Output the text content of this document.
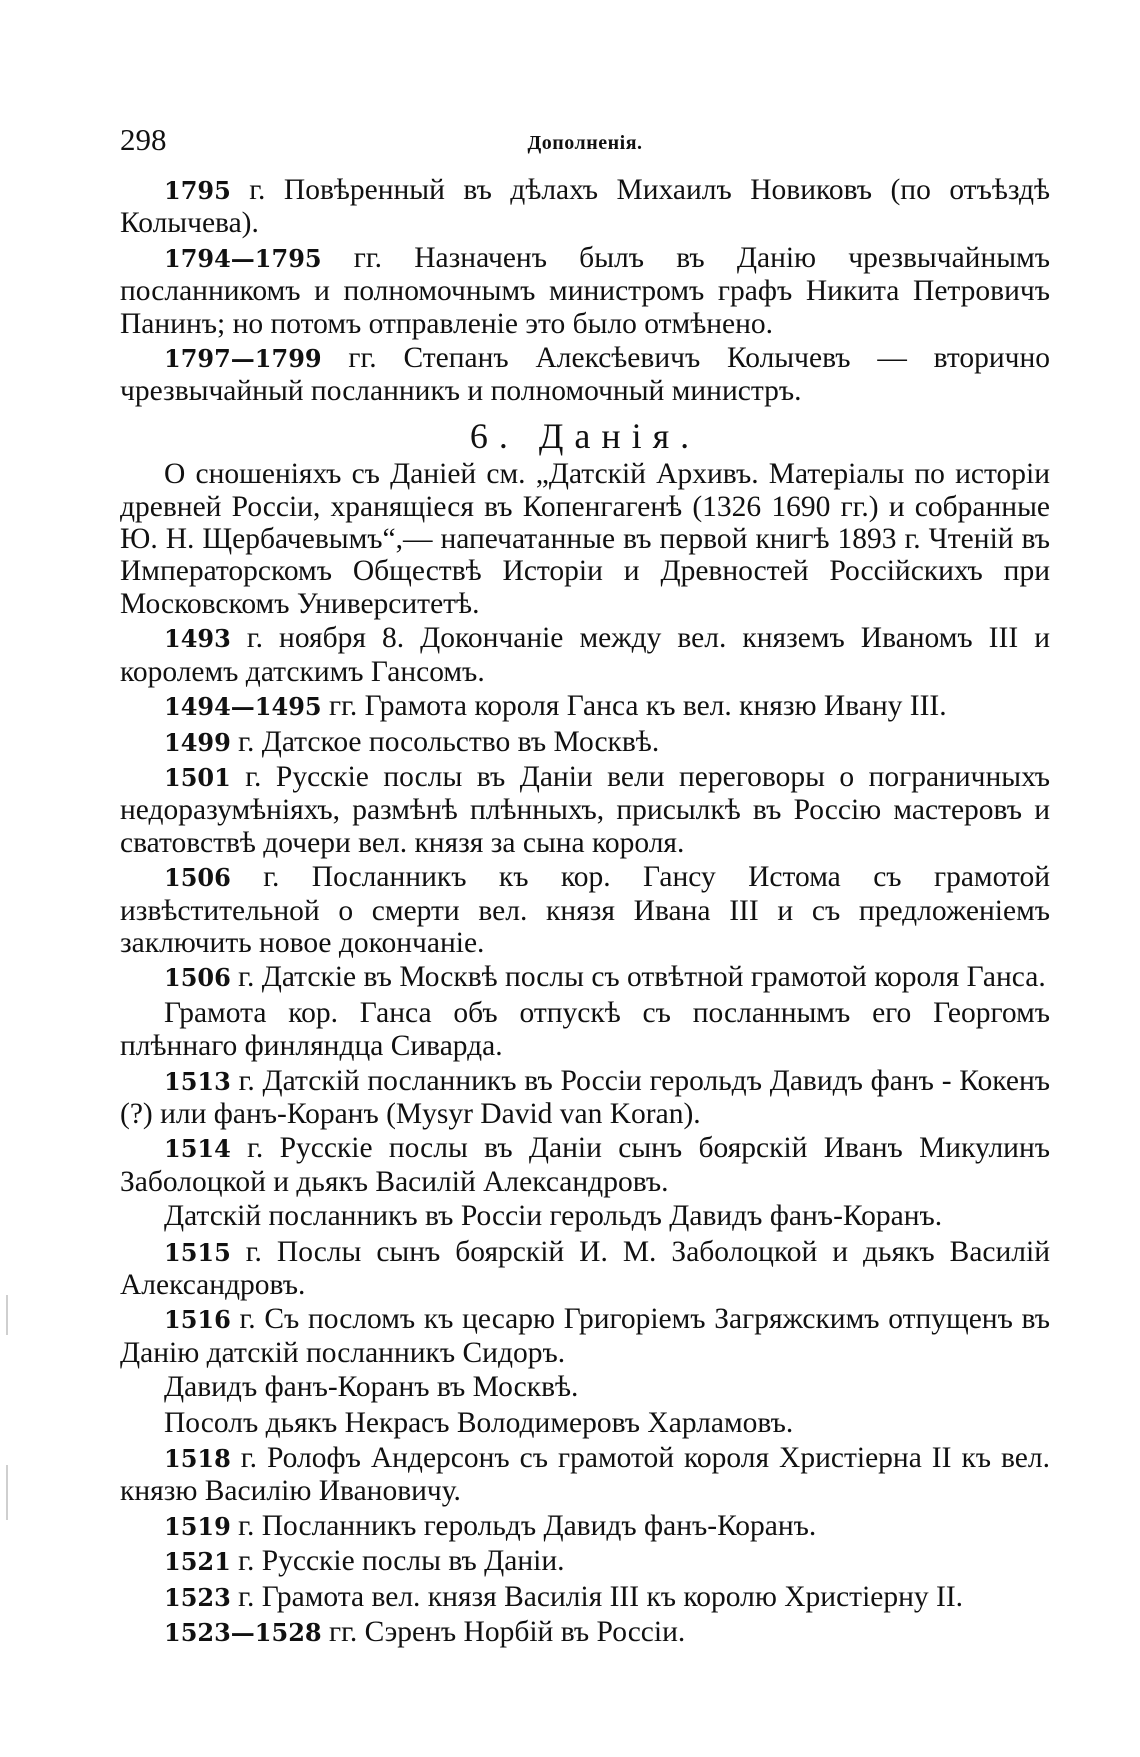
298	Дополненія.

1795 г. Повѣренный въ дѣлахъ Михаилъ Новиковъ (по отъѣздѣ Колычева).

1794—1795 гг. Назначенъ былъ въ Данію чрезвычайнымъ посланникомъ и полномочнымъ министромъ графъ Никита Петровичъ Панинъ; но потомъ отправленіе это было отмѣнено.

1797—1799 гг. Степанъ Алексѣевичъ Колычевъ — вторично чрезвычайный посланникъ и полномочный министръ.

6. Данія.

О сношеніяхъ съ Даніей см. „Датскій Архивъ. Матеріалы по исторіи древней Россіи, хранящіеся въ Копенгагенѣ (1326 1690 гг.) и собранные Ю. Н. Щербачевымъ“,— напечатанные въ первой книгѣ 1893 г. Чтеній въ Императорскомъ Обществѣ Исторіи и Древностей Россійскихъ при Московскомъ Университетѣ.

1493 г. ноября 8. Докончаніе между вел. княземъ Иваномъ III и королемъ датскимъ Гансомъ.

1494—1495 гг. Грамота короля Ганса къ вел. князю Ивану III.

1499 г. Датское посольство въ Москвѣ.

1501 г. Русскіе послы въ Даніи вели переговоры о пограничныхъ недоразумѣніяхъ, размѣнѣ плѣнныхъ, присылкѣ въ Россію мастеровъ и сватовствѣ дочери вел. князя за сына короля.

1506 г. Посланникъ къ кор. Гансу Истома съ грамотой извѣстительной о смерти вел. князя Ивана III и съ предложеніемъ заключить новое докончаніе.

1506 г. Датскіе въ Москвѣ послы съ отвѣтной грамотой короля Ганса.

Грамота кор. Ганса объ отпускѣ съ посланнымъ его Георгомъ плѣннаго финляндца Сиварда.

1513 г. Датскій посланникъ въ Россіи герольдъ Давидъ фанъ - Кокенъ (?) или фанъ-Коранъ (Mysyr David van Koran).

1514 г. Русскіе послы въ Даніи сынъ боярскій Иванъ Микулинъ Заболоцкой и дьякъ Василій Александровъ.

Датскій посланникъ въ Россіи герольдъ Давидъ фанъ-Коранъ.

1515 г. Послы сынъ боярскій И. М. Заболоцкой и дьякъ Василій Александровъ.

1516 г. Съ посломъ къ цесарю Григоріемъ Загряжскимъ отпущенъ въ Данію датскій посланникъ Сидоръ.

Давидъ фанъ-Коранъ въ Москвѣ.

Посолъ дьякъ Некрасъ Володимеровъ Харламовъ.

1518 г. Ролофъ Андерсонъ съ грамотой короля Христіерна II къ вел. князю Василію Ивановичу.

1519 г. Посланникъ герольдъ Давидъ фанъ-Коранъ.

1521 г. Русскіе послы въ Даніи.

1523 г. Грамота вел. князя Василія III къ королю Христіерну II.

1523—1528 гг. Сэренъ Норбій въ Россіи.
